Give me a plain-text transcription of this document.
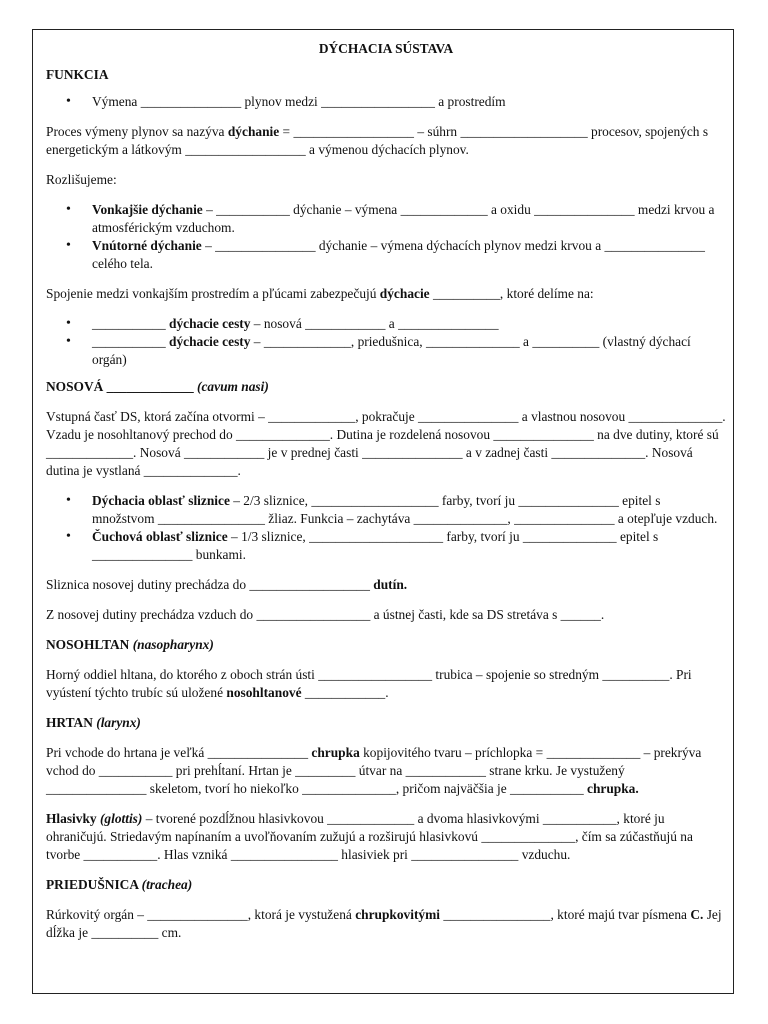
DÝCHACIA SÚSTAVA

FUNKCIA

• Výmena _______________ plynov medzi _________________ a prostredím

Proces výmeny plynov sa nazýva dýchanie = __________________ – súhrn ___________________ procesov, spojených s energetickým a látkovým __________________ a výmenou dýchacích plynov.

Rozlišujeme:

• Vonkajšie dýchanie – ___________ dýchanie – výmena _____________ a oxidu _______________ medzi krvou a atmosférickým vzduchom.
• Vnútorné dýchanie – _______________ dýchanie – výmena dýchacích plynov medzi krvou a _______________ celého tela.

Spojenie medzi vonkajším prostredím a pľúcami zabezpečujú dýchacie __________, ktoré delíme na:

• ___________ dýchacie cesty – nosová ____________ a _______________
• ___________ dýchacie cesty – _____________, priedušnica, ______________ a __________ (vlastný dýchací orgán)

NOSOVÁ _____________ (cavum nasi)

Vstupná časť DS, ktorá začína otvormi – _____________, pokračuje _______________ a vlastnou nosovou ______________. Vzadu je nosohltanový prechod do ______________. Dutina je rozdelená nosovou _______________ na dve dutiny, ktoré sú _____________. Nosová ____________ je v prednej časti _______________ a v zadnej časti ______________. Nosová dutina je vystlaná ______________.

• Dýchacia oblasť sliznice – 2/3 sliznice, ___________________ farby, tvorí ju _______________ epitel s množstvom ________________ žliaz. Funkcia – zachytáva ______________, _______________ a otepľuje vzduch.
• Čuchová oblasť sliznice – 1/3 sliznice, ____________________ farby, tvorí ju ______________ epitel s _______________ bunkami.

Sliznica nosovej dutiny prechádza do __________________ dutín.

Z nosovej dutiny prechádza vzduch do _________________ a ústnej časti, kde sa DS stretáva s ______.

NOSOHLTAN (nasopharynx)

Horný oddiel hltana, do ktorého z oboch strán ústi _________________ trubica – spojenie so stredným __________. Pri vyústení týchto trubíc sú uložené nosohltanové ____________.

HRTAN (larynx)

Pri vchode do hrtana je veľká _______________ chrupka kopijovitého tvaru – príchlopka = ______________ – prekrýva vchod do ___________ pri prehĺtaní. Hrtan je _________ útvar na ____________ strane krku. Je vystužený _______________ skeletom, tvorí ho niekoľko ______________, pričom najväčšia je ___________ chrupka.

Hlasivky (glottis) – tvorené pozdĺžnou hlasivkovou _____________ a dvoma hlasivkovými ___________, ktoré ju ohraničujú. Striedavým napínaním a uvoľňovaním zužujú a rozširujú hlasivkovú ______________, čím sa zúčastňujú na tvorbe ___________. Hlas vzniká ________________ hlasiviek pri ________________ vzduchu.

PRIEDUŠNICA (trachea)

Rúrkovitý orgán – _______________, ktorá je vystužená chrupkovitými ________________, ktoré majú tvar písmena C. Jej dĺžka je __________ cm.
